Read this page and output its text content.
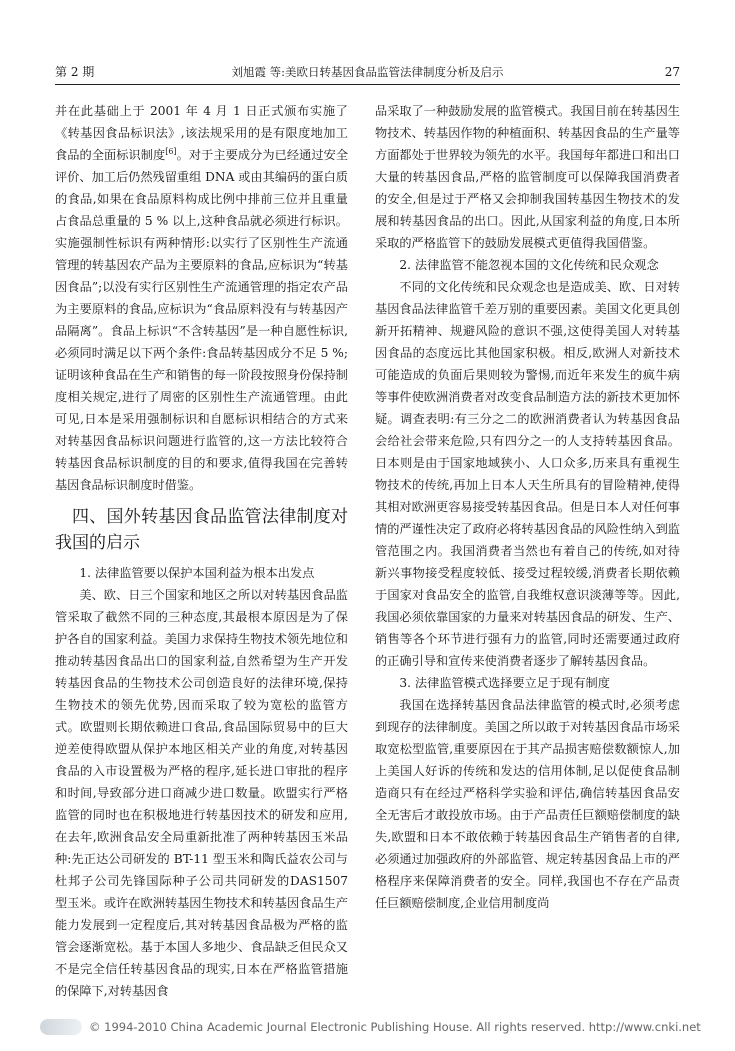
第 2 期	刘旭霞 等:美欧日转基因食品监管法律制度分析及启示	27

并在此基础上于 2001 年 4 月 1 日正式颁布实施了《转基因食品标识法》,该法规采用的是有限度地加工食品的全面标识制度[6]。对于主要成分为已经通过安全评价、加工后仍然残留重组 DNA 或由其编码的蛋白质的食品,如果在食品原料构成比例中排前三位并且重量占食品总重量的 5 % 以上,这种食品就必须进行标识。实施强制性标识有两种情形:以实行了区别性生产流通管理的转基因农产品为主要原料的食品,应标识为“转基因食品”;以没有实行区别性生产流通管理的指定农产品为主要原料的食品,应标识为“食品原料没有与转基因产品隔离”。食品上标识“不含转基因”是一种自愿性标识,必须同时满足以下两个条件:食品转基因成分不足 5 %;证明该种食品在生产和销售的每一阶段按照身份保持制度相关规定,进行了周密的区别性生产流通管理。由此可见,日本是采用强制标识和自愿标识相结合的方式来对转基因食品标识问题进行监管的,这一方法比较符合转基因食品标识制度的目的和要求,值得我国在完善转基因食品标识制度时借鉴。

四、国外转基因食品监管法律制度对我国的启示

1. 法律监管要以保护本国利益为根本出发点

美、欧、日三个国家和地区之所以对转基因食品监管采取了截然不同的三种态度,其最根本原因是为了保护各自的国家利益。美国力求保持生物技术领先地位和推动转基因食品出口的国家利益,自然希望为生产开发转基因食品的生物技术公司创造良好的法律环境,保持生物技术的领先优势,因而采取了较为宽松的监管方式。欧盟则长期依赖进口食品,食品国际贸易中的巨大逆差使得欧盟从保护本地区相关产业的角度,对转基因食品的入市设置极为严格的程序,延长进口审批的程序和时间,导致部分进口商减少进口数量。欧盟实行严格监管的同时也在积极地进行转基因技术的研发和应用,在去年,欧洲食品安全局重新批准了两种转基因玉米品种:先正达公司研发的 BT-11 型玉米和陶氏益农公司与杜邦子公司先锋国际种子公司共同研发的DAS1507 型玉米。或许在欧洲转基因生物技术和转基因食品生产能力发展到一定程度后,其对转基因食品极为严格的监管会逐渐宽松。基于本国人多地少、食品缺乏但民众又不是完全信任转基因食品的现实,日本在严格监管措施的保障下,对转基因食

品采取了一种鼓励发展的监管模式。我国目前在转基因生物技术、转基因作物的种植面积、转基因食品的生产量等方面都处于世界较为领先的水平。我国每年都进口和出口大量的转基因食品,严格的监管制度可以保障我国消费者的安全,但是过于严格又会抑制我国转基因生物技术的发展和转基因食品的出口。因此,从国家利益的角度,日本所采取的严格监管下的鼓励发展模式更值得我国借鉴。

2. 法律监管不能忽视本国的文化传统和民众观念

不同的文化传统和民众观念也是造成美、欧、日对转基因食品法律监管千差万别的重要因素。美国文化更具创新开拓精神、规避风险的意识不强,这使得美国人对转基因食品的态度远比其他国家积极。相反,欧洲人对新技术可能造成的负面后果则较为警惕,而近年来发生的疯牛病等事件使欧洲消费者对改变食品制造方法的新技术更加怀疑。调查表明:有三分之二的欧洲消费者认为转基因食品会给社会带来危险,只有四分之一的人支持转基因食品。日本则是由于国家地域狭小、人口众多,历来具有重视生物技术的传统,再加上日本人天生所具有的冒险精神,使得其相对欧洲更容易接受转基因食品。但是日本人对任何事情的严谨性决定了政府必将转基因食品的风险性纳入到监管范围之内。我国消费者当然也有着自己的传统,如对待新兴事物接受程度较低、接受过程较缓,消费者长期依赖于国家对食品安全的监管,自我维权意识淡薄等等。因此,我国必须依靠国家的力量来对转基因食品的研发、生产、销售等各个环节进行强有力的监管,同时还需要通过政府的正确引导和宣传来使消费者逐步了解转基因食品。

3. 法律监管模式选择要立足于现有制度

我国在选择转基因食品法律监管的模式时,必须考虑到现存的法律制度。美国之所以敢于对转基因食品市场采取宽松型监管,重要原因在于其产品损害赔偿数额惊人,加上美国人好诉的传统和发达的信用体制,足以促使食品制造商只有在经过严格科学实验和评估,确信转基因食品安全无害后才敢投放市场。由于产品责任巨额赔偿制度的缺失,欧盟和日本不敢依赖于转基因食品生产销售者的自律,必须通过加强政府的外部监管、规定转基因食品上市的严格程序来保障消费者的安全。同样,我国也不存在产品责任巨额赔偿制度,企业信用制度尚

© 1994-2010 China Academic Journal Electronic Publishing House. All rights reserved. http://www.cnki.net
